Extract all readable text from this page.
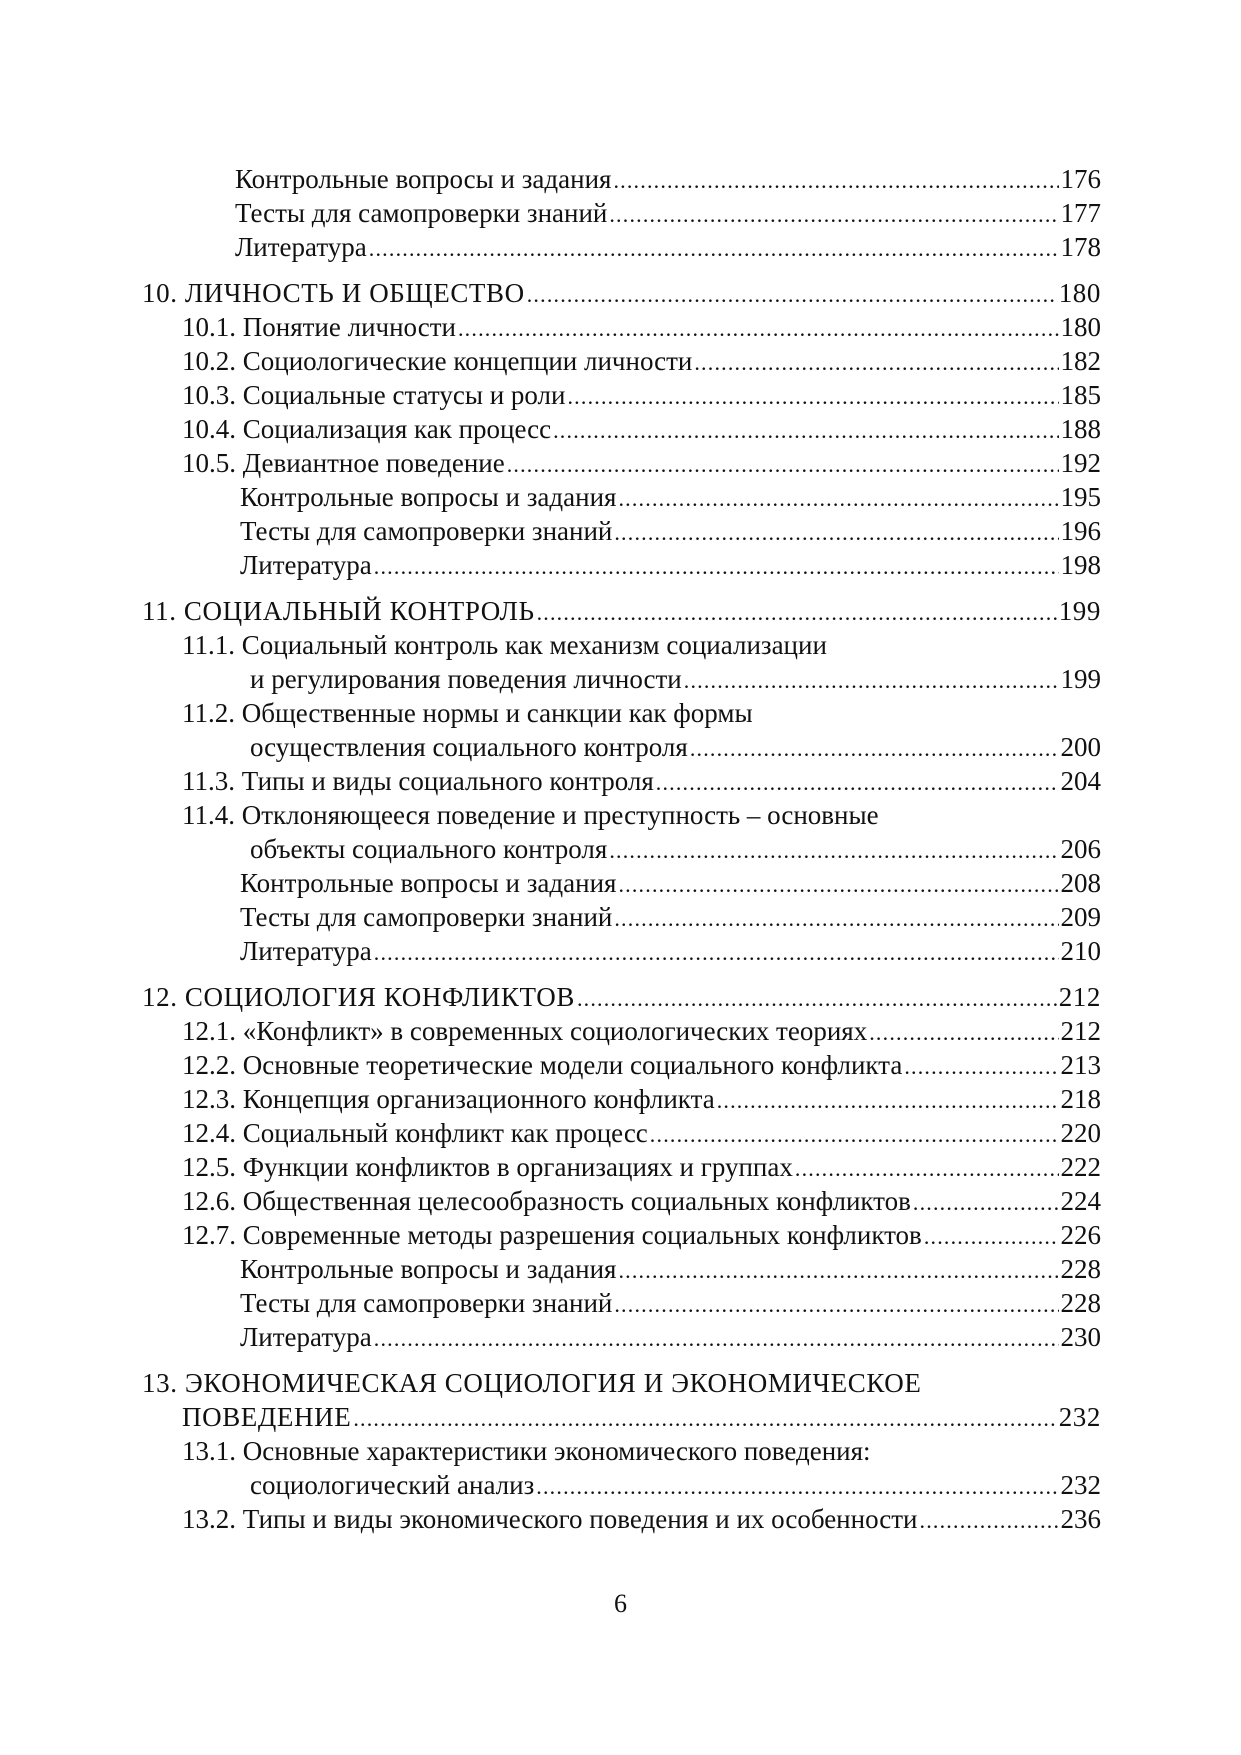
Контрольные вопросы и задания .....	176
Тесты для самопроверки знаний .....	177
Литература .....	178
10. ЛИЧНОСТЬ И ОБЩЕСТВО .....	180
10.1. Понятие личности .....	180
10.2. Социологические концепции личности .....	182
10.3. Социальные статусы и роли .....	185
10.4. Социализация как процесс .....	188
10.5. Девиантное поведение .....	192
Контрольные вопросы и задания .....	195
Тесты для самопроверки знаний .....	196
Литература .....	198
11. СОЦИАЛЬНЫЙ КОНТРОЛЬ .....	199
11.1. Социальный контроль как механизм социализации
и регулирования поведения личности .....	199
11.2. Общественные нормы и санкции как формы
осуществления социального контроля .....	200
11.3. Типы и виды социального контроля .....	204
11.4. Отклоняющееся поведение и преступность – основные
объекты социального контроля .....	206
Контрольные вопросы и задания .....	208
Тесты для самопроверки знаний .....	209
Литература .....	210
12. СОЦИОЛОГИЯ КОНФЛИКТОВ .....	212
12.1. «Конфликт» в современных социологических теориях .....	212
12.2. Основные теоретические модели социального конфликта .....	213
12.3. Концепция организационного конфликта .....	218
12.4. Социальный конфликт как процесс .....	220
12.5. Функции конфликтов в организациях и группах .....	222
12.6. Общественная целесообразность социальных конфликтов .....	224
12.7. Современные методы разрешения социальных конфликтов .....	226
Контрольные вопросы и задания .....	228
Тесты для самопроверки знаний .....	228
Литература .....	230
13. ЭКОНОМИЧЕСКАЯ СОЦИОЛОГИЯ И ЭКОНОМИЧЕСКОЕ
ПОВЕДЕНИЕ .....	232
13.1. Основные характеристики экономического поведения:
социологический анализ .....	232
13.2. Типы и виды экономического поведения и их особенности .....	236
6
